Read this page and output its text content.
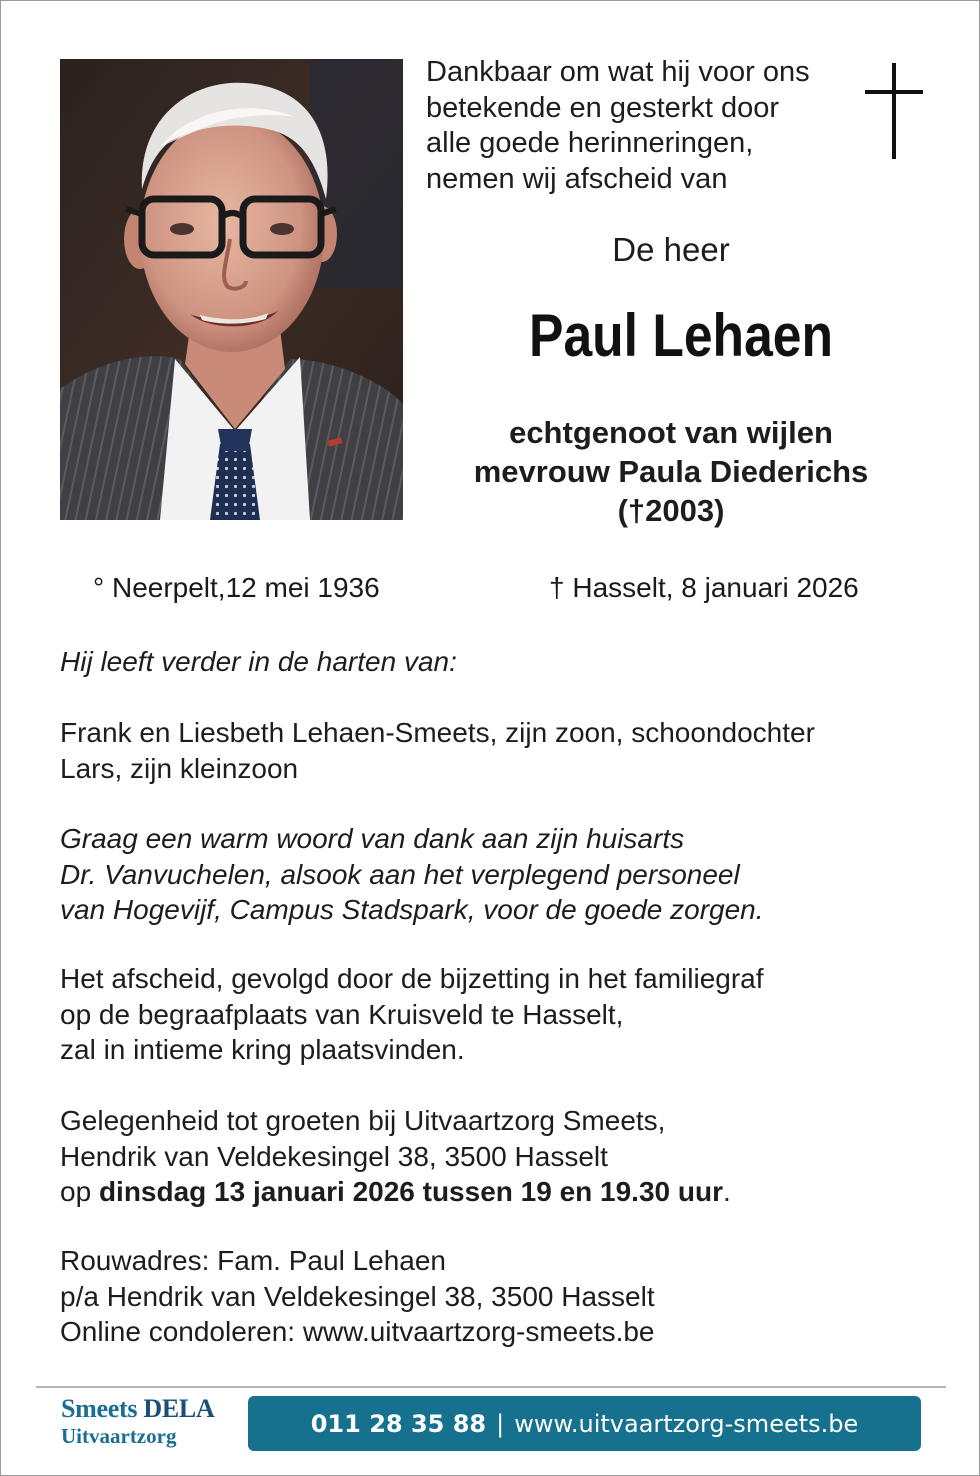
Dankbaar om wat hij voor ons
betekende en gesterkt door
alle goede herinneringen,
nemen wij afscheid van
De heer
Paul Lehaen
echtgenoot van wijlen
mevrouw Paula Diederichs
(†2003)
° Neerpelt,12 mei 1936	† Hasselt, 8 januari 2026
Hij leeft verder in de harten van:
Frank en Liesbeth Lehaen-Smeets, zijn zoon, schoondochter
Lars, zijn kleinzoon
Graag een warm woord van dank aan zijn huisarts
Dr. Vanvuchelen, alsook aan het verplegend personeel
van Hogevijf, Campus Stadspark, voor de goede zorgen.
Het afscheid, gevolgd door de bijzetting in het familiegraf
op de begraafplaats van Kruisveld te Hasselt,
zal in intieme kring plaatsvinden.
Gelegenheid tot groeten bij Uitvaartzorg Smeets,
Hendrik van Veldekesingel 38, 3500 Hasselt
op dinsdag 13 januari 2026 tussen 19 en 19.30 uur.
Rouwadres: Fam. Paul Lehaen
p/a Hendrik van Veldekesingel 38, 3500 Hasselt
Online condoleren: www.uitvaartzorg-smeets.be
Smeets DELA
Uitvaartzorg	011 28 35 88 | www.uitvaartzorg-smeets.be
